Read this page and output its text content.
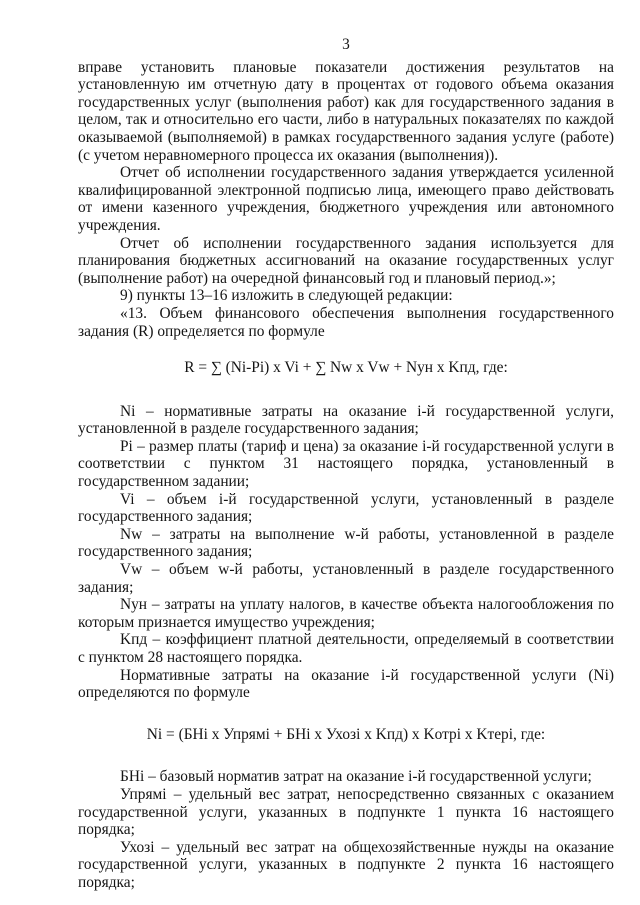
3

вправе установить плановые показатели достижения результатов на установленную им отчетную дату в процентах от годового объема оказания государственных услуг (выполнения работ) как для государственного задания в целом, так и относительно его части, либо в натуральных показателях по каждой оказываемой (выполняемой) в рамках государственного задания услуге (работе) (с учетом неравномерного процесса их оказания (выполнения)).

Отчет об исполнении государственного задания утверждается усиленной квалифицированной электронной подписью лица, имеющего право действовать от имени казенного учреждения, бюджетного учреждения или автономного учреждения.

Отчет об исполнении государственного задания используется для планирования бюджетных ассигнований на оказание государственных услуг (выполнение работ) на очередной финансовый год и плановый период.»;

9) пункты 13–16 изложить в следующей редакции:

«13. Объем финансового обеспечения выполнения государственного задания (R) определяется по формуле

R = ∑ (Ni-Pi) x Vi + ∑ Nw x Vw + Nун x Kпд, где:

Ni – нормативные затраты на оказание i-й государственной услуги, установленной в разделе государственного задания;

Pi – размер платы (тариф и цена) за оказание i-й государственной услуги в соответствии с пунктом 31 настоящего порядка, установленный в государственном задании;

Vi – объем i-й государственной услуги, установленный в разделе государственного задания;

Nw – затраты на выполнение w-й работы, установленной в разделе государственного задания;

Vw – объем w-й работы, установленный в разделе государственного задания;

Nун – затраты на уплату налогов, в качестве объекта налогообложения по которым признается имущество учреждения;

Kпд – коэффициент платной деятельности, определяемый в соответствии с пунктом 28 настоящего порядка.

Нормативные затраты на оказание i-й государственной услуги (Ni) определяются по формуле

Ni = (БНi x Упрямi + БНi x Ухозi x Kпд) x Kотрi x Kтерi, где:

БНi – базовый норматив затрат на оказание i-й государственной услуги;

Упрямi – удельный вес затрат, непосредственно связанных с оказанием государственной услуги, указанных в подпункте 1 пункта 16 настоящего порядка;

Ухозi – удельный вес затрат на общехозяйственные нужды на оказание государственной услуги, указанных в подпункте 2 пункта 16 настоящего порядка;
